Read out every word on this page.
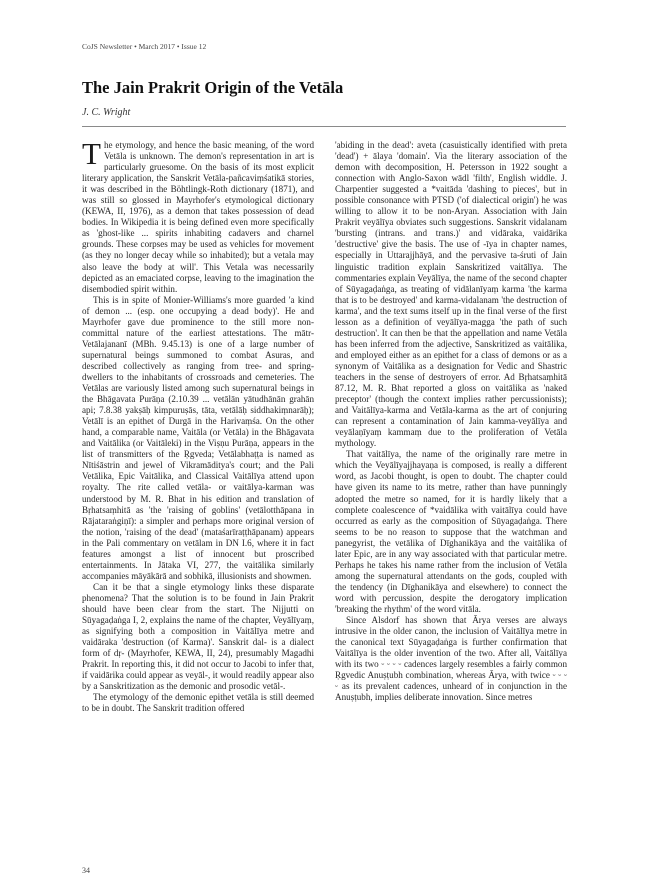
CoJS Newsletter • March 2017 • Issue 12
The Jain Prakrit Origin of the Vetāla
J. C. Wright

The etymology, and hence the basic meaning, of the word Vetāla is unknown. The demon's representation in art is particularly gruesome. On the basis of its most explicit literary application, the Sanskrit Vetāla-pañcaviṃśatikā stories, it was described in the Böhtlingk-Roth dictionary (1871), and was still so glossed in Mayrhofer's etymological dictionary (KEWA, II, 1976), as a demon that takes possession of dead bodies. In Wikipedia it is being defined even more specifically as 'ghost-like ... spirits inhabiting cadavers and charnel grounds. These corpses may be used as vehicles for movement (as they no longer decay while so inhabited); but a vetala may also leave the body at will'. This Vetala was necessarily depicted as an emaciated corpse, leaving to the imagination the disembodied spirit within.

This is in spite of Monier-Williams's more guarded 'a kind of demon ... (esp. one occupying a dead body)'. He and Mayrhofer gave due prominence to the still more non-committal nature of the earliest attestations. The mātr-Vetālajananī (MBh. 9.45.13) is one of a large number of supernatural beings summoned to combat Asuras, and described collectively as ranging from tree- and spring-dwellers to the inhabitants of crossroads and cemeteries. The Vetālas are variously listed among such supernatural beings in the Bhāgavata Purāṇa (2.10.39 ... vetālān yātudhānān grahān api; 7.8.38 yakṣāḥ kiṃpuruṣās, tāta, vetālāḥ siddhakiṃnarāḥ); Vetālī is an epithet of Durgā in the Harivaṃśa. On the other hand, a comparable name, Vaitāla (or Vetāla) in the Bhāgavata and Vaitālika (or Vaitāleki) in the Viṣṇu Purāṇa, appears in the list of transmitters of the Ṛgveda; Vetālabhaṭṭa is named as Nītiśāstrin and jewel of Vikramāditya's court; and the Pali Vetālika, Epic Vaitālika, and Classical Vaitālīya attend upon royalty. The rite called vetāla- or vaitālya-karman was understood by M. R. Bhat in his edition and translation of Bṛhatsaṃhitā as 'the 'raising of goblins' (vetālotthāpana in Rājataraṅgiṇī): a simpler and perhaps more original version of the notion, 'raising of the dead' (mataśarīraṭṭhāpanam) appears in the Pali commentary on vetālam in DN I.6, where it in fact features amongst a list of innocent but proscribed entertainments. In Jātaka VI, 277, the vaitālika similarly accompanies māyākārā and sobhikā, illusionists and showmen.

Can it be that a single etymology links these disparate phenomena? That the solution is to be found in Jain Prakrit should have been clear from the start. The Nijjutti on Sūyagaḍaṅga I, 2, explains the name of the chapter, Veyālīyaṃ, as signifying both a composition in Vaitālīya metre and vaidāraka 'destruction (of Karma)'. Sanskrit dal- is a dialect form of dṛ- (Mayrhofer, KEWA, II, 24), presumably Magadhi Prakrit. In reporting this, it did not occur to Jacobi to infer that, if vaidārika could appear as veyāl-, it would readily appear also by a Sanskritization as the demonic and prosodic vetāl-.

The etymology of the demonic epithet vetāla is still deemed to be in doubt. The Sanskrit tradition offered

'abiding in the dead': aveta (casuistically identified with preta 'dead') + ālaya 'domain'. Via the literary association of the demon with decomposition, H. Petersson in 1922 sought a connection with Anglo-Saxon wādl 'filth', English widdle. J. Charpentier suggested a *vaitāda 'dashing to pieces', but in possible consonance with PTSD ('of dialectical origin') he was willing to allow it to be non-Aryan. Association with Jain Prakrit veyālīya obviates such suggestions. Sanskrit vidalanam 'bursting (intrans. and trans.)' and vidāraka, vaidārika 'destructive' give the basis. The use of -īya in chapter names, especially in Uttarajjhāyā, and the pervasive ta-śruti of Jain linguistic tradition explain Sanskritized vaitālīya. The commentaries explain Veyālīya, the name of the second chapter of Sūyagaḍaṅga, as treating of vidālanīyaṃ karma 'the karma that is to be destroyed' and karma-vidalanam 'the destruction of karma', and the text sums itself up in the final verse of the first lesson as a definition of veyālīya-magga 'the path of such destruction'. It can then be that the appellation and name Vetāla has been inferred from the adjective, Sanskritized as vaitālika, and employed either as an epithet for a class of demons or as a synonym of Vaitālika as a designation for Vedic and Shastric teachers in the sense of destroyers of error. Ad Bṛhatsaṃhitā 87.12, M. R. Bhat reported a gloss on vaitālika as 'naked preceptor' (though the context implies rather percussionists); and Vaitālīya-karma and Vetāla-karma as the art of conjuring can represent a contamination of Jain kamma-veyālīya and veyālaṇīyaṃ kammaṃ due to the proliferation of Vetāla mythology.

That vaitālīya, the name of the originally rare metre in which the Veyālīyajjhayaṇa is composed, is really a different word, as Jacobi thought, is open to doubt. The chapter could have given its name to its metre, rather than have punningly adopted the metre so named, for it is hardly likely that a complete coalescence of *vaidālika with vaitālīya could have occurred as early as the composition of Sūyagaḍaṅga. There seems to be no reason to suppose that the watchman and panegyrist, the vetālika of Dīghanikāya and the vaitālika of later Epic, are in any way associated with that particular metre. Perhaps he takes his name rather from the inclusion of Vetāla among the supernatural attendants on the gods, coupled with the tendency (in Dīghanikāya and elsewhere) to connect the word with percussion, despite the derogatory implication 'breaking the rhythm' of the word vitāla.

Since Alsdorf has shown that Ārya verses are always intrusive in the older canon, the inclusion of Vaitālīya metre in the canonical text Sūyagaḍaṅga is further confirmation that Vaitālīya is the older invention of the two. After all, Vaitālīya with its two ⏑ ⏑ ⏑ ⏑ cadences largely resembles a fairly common Ṛgvedic Anuṣṭubh combination, whereas Ārya, with twice ⏑ ⏑ ⏑ ⏑ as its prevalent cadences, unheard of in conjunction in the Anuṣṭubh, implies deliberate innovation. Since metres

34
